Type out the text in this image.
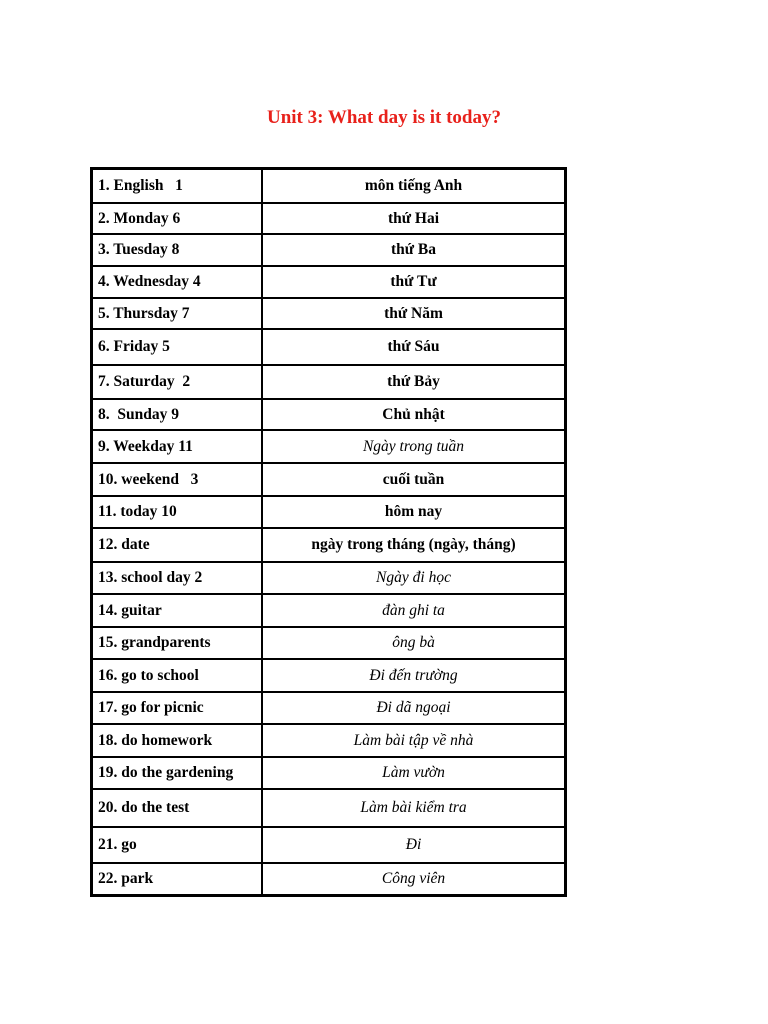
Unit 3: What day is it today?
1. English   1	môn tiếng Anh
2. Monday 6	thứ Hai
3. Tuesday 8	thứ Ba
4. Wednesday 4	thứ Tư
5. Thursday 7	thứ Năm
6. Friday 5	thứ Sáu
7. Saturday  2	thứ Bảy
8.  Sunday 9	Chủ nhật
9. Weekday 11	Ngày trong tuần
10. weekend   3	cuối tuần
11. today 10	hôm nay
12. date	ngày trong tháng (ngày, tháng)
13. school day 2	Ngày đi học
14. guitar	đàn ghi ta
15. grandparents	ông bà
16. go to school	Đi đến trường
17. go for picnic	Đi dã ngoại
18. do homework	Làm bài tập về nhà
19. do the gardening	Làm vườn
20. do the test	Làm bài kiểm tra
21. go	Đi
22. park	Công viên
